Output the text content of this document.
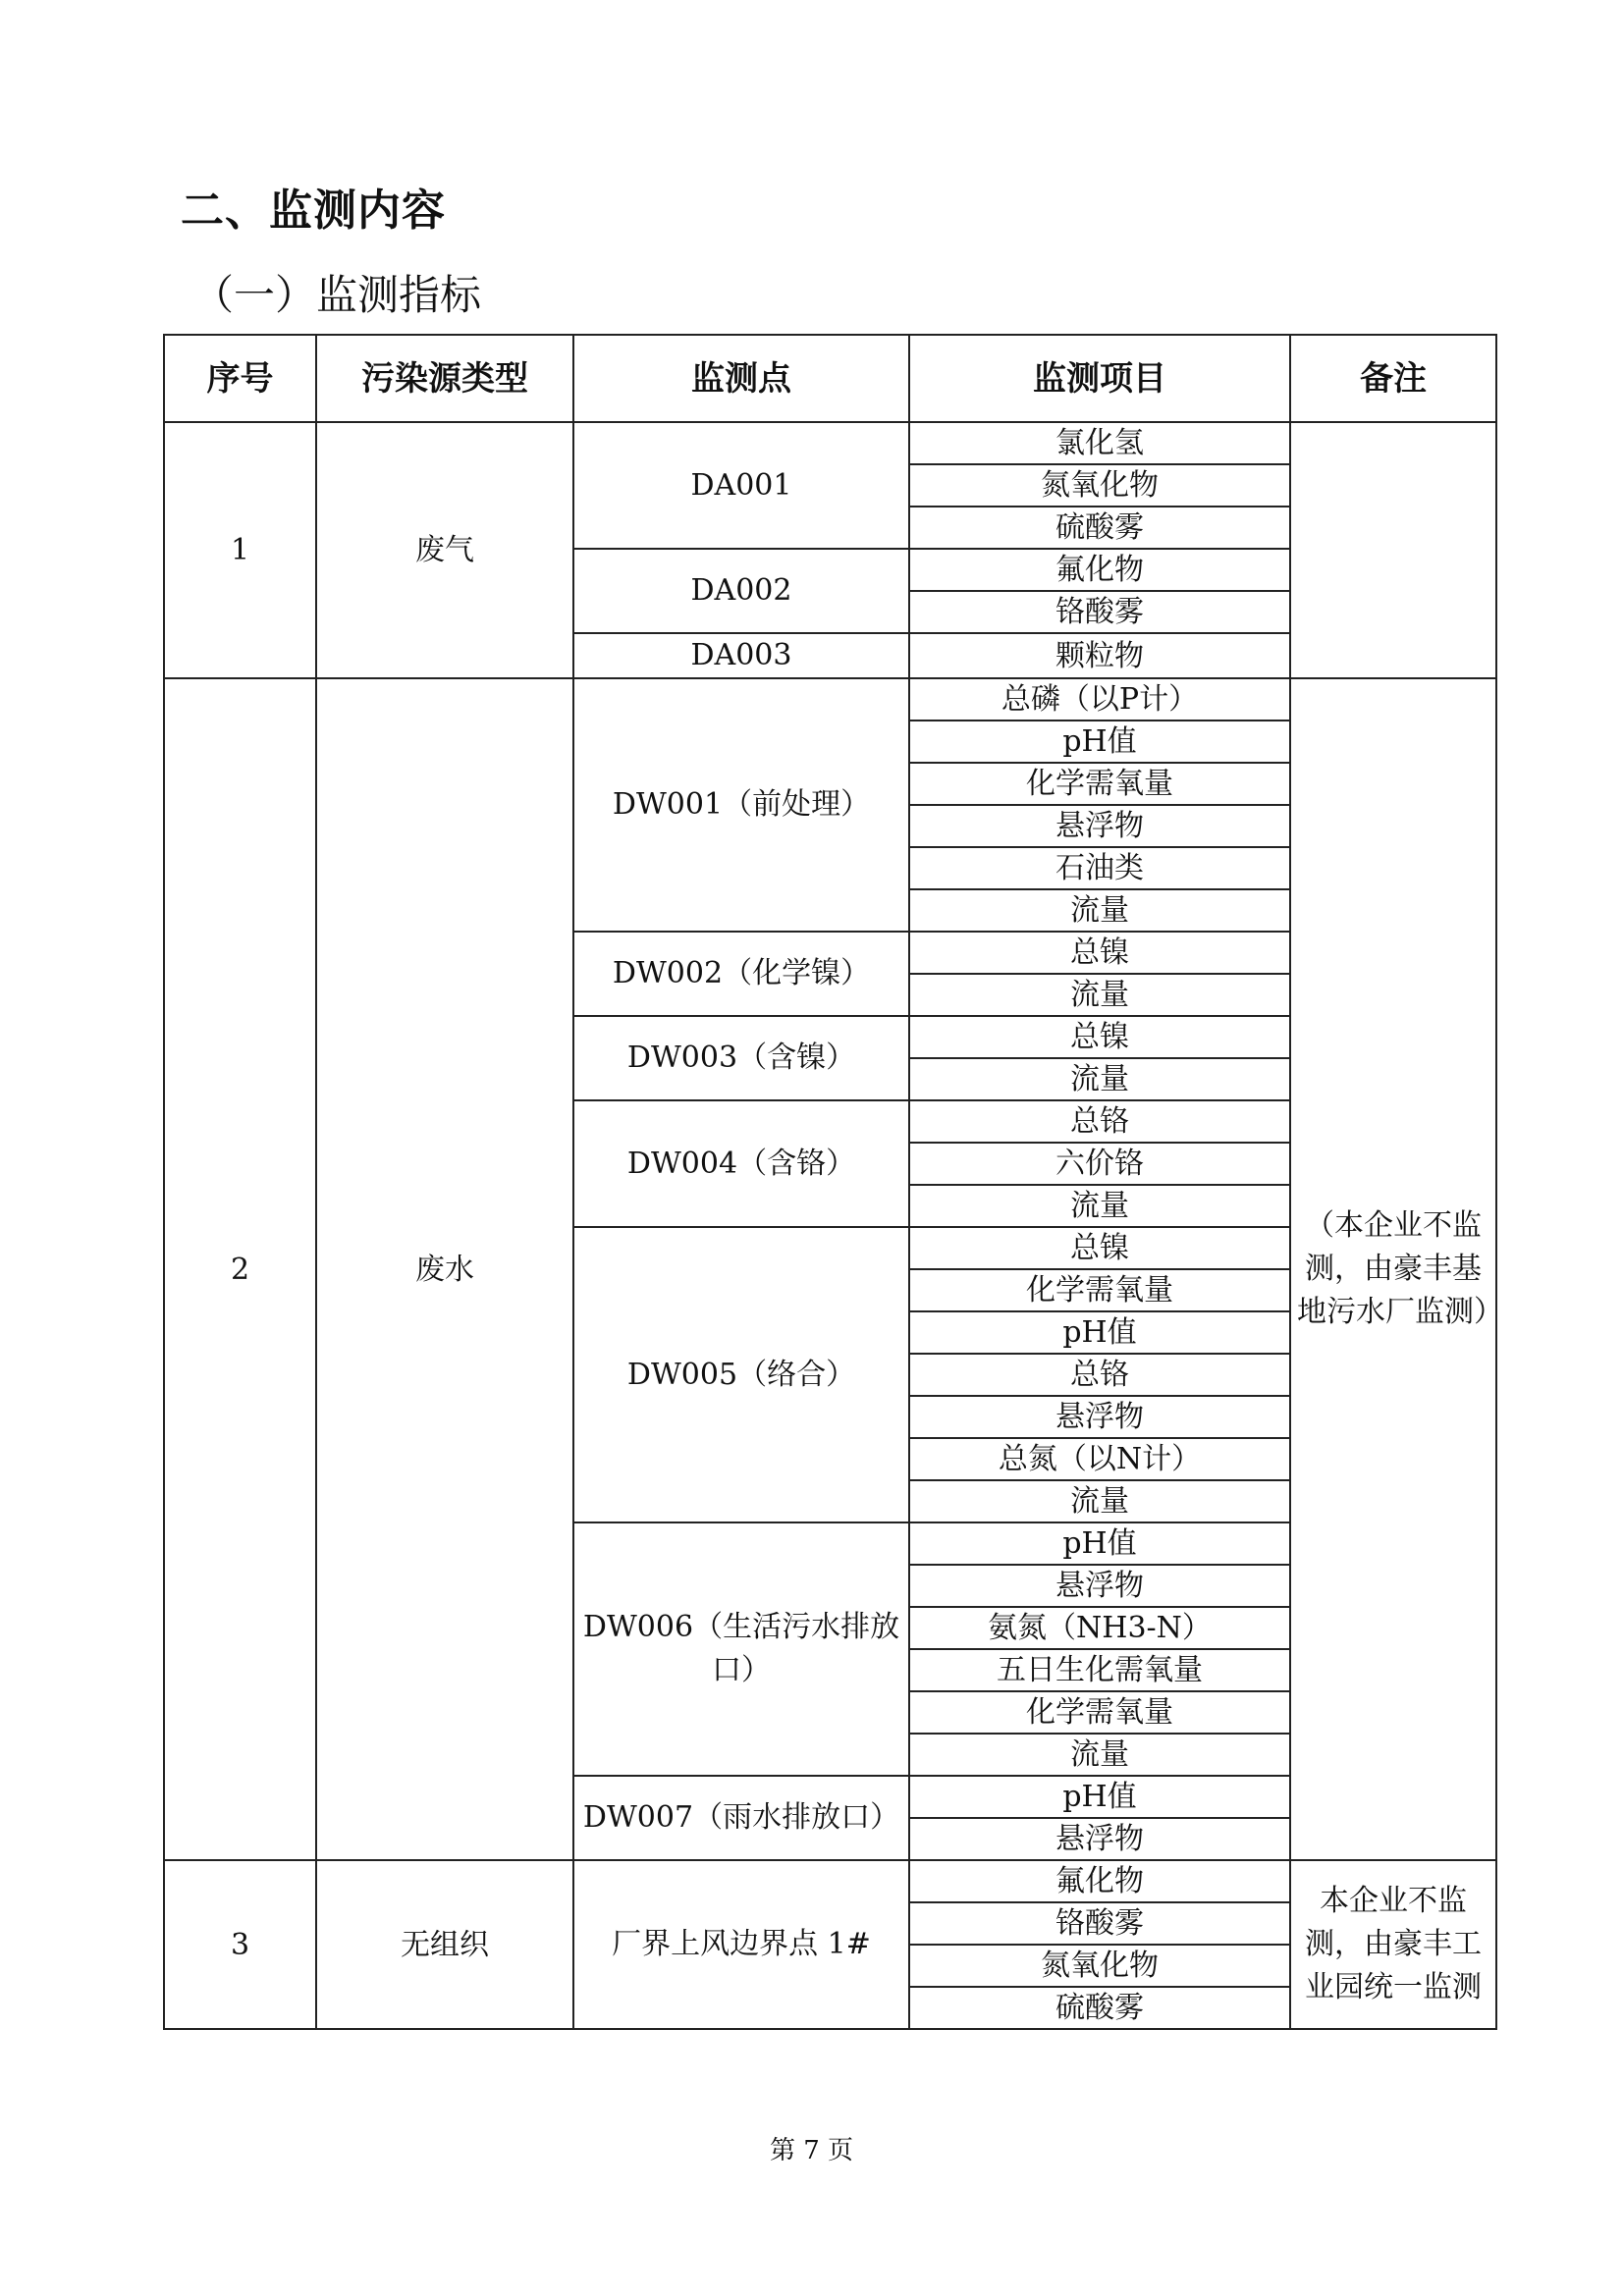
二、监测内容
（一）监测指标
序号	污染源类型	监测点	监测项目	备注
1	废气	DA001	氯化氢	
			氮氧化物	
			硫酸雾	
		DA002	氟化物	
			铬酸雾	
		DA003	颗粒物	
2	废水	DW001（前处理）	总磷（以P计）	（本企业不监测，由豪丰基地污水厂监测）
			pH值	
			化学需氧量	
			悬浮物	
			石油类	
			流量	
		DW002（化学镍）	总镍	
			流量	
		DW003（含镍）	总镍	
			流量	
		DW004（含铬）	总铬	
			六价铬	
			流量	
		DW005（络合）	总镍	
			化学需氧量	
			pH值	
			总铬	
			悬浮物	
			总氮（以N计）	
			流量	
		DW006（生活污水排放口）	pH值	
			悬浮物	
			氨氮（NH3-N）	
			五日生化需氧量	
			化学需氧量	
			流量	
		DW007（雨水排放口）	pH值	
			悬浮物	
3	无组织	厂界上风边界点 1#	氟化物	本企业不监测，由豪丰工业园统一监测
			铬酸雾	
			氮氧化物	
			硫酸雾	
第 7 页
